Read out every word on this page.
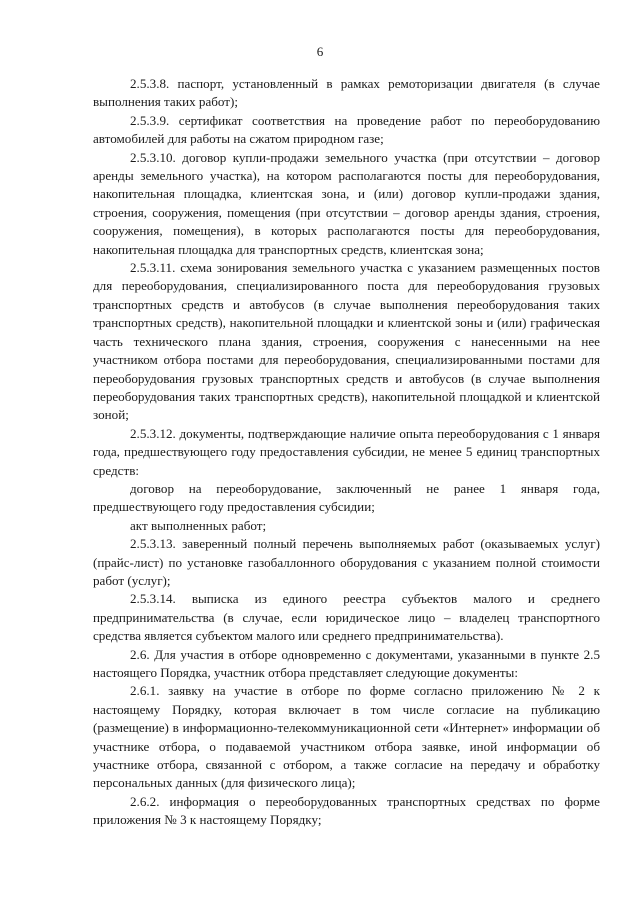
6

2.5.3.8. паспорт, установленный в рамках ремоторизации двигателя (в случае выполнения таких работ);

2.5.3.9. сертификат соответствия на проведение работ по переоборудованию автомобилей для работы на сжатом природном газе;

2.5.3.10. договор купли-продажи земельного участка (при отсутствии – договор аренды земельного участка), на котором располагаются посты для переоборудования, накопительная площадка, клиентская зона, и (или) договор купли-продажи здания, строения, сооружения, помещения (при отсутствии – договор аренды здания, строения, сооружения, помещения), в которых располагаются посты для переоборудования, накопительная площадка для транспортных средств, клиентская зона;

2.5.3.11. схема зонирования земельного участка с указанием размещенных постов для переоборудования, специализированного поста для переоборудования грузовых транспортных средств и автобусов (в случае выполнения переоборудования таких транспортных средств), накопительной площадки и клиентской зоны и (или) графическая часть технического плана здания, строения, сооружения с нанесенными на нее участником отбора постами для переоборудования, специализированными постами для переоборудования грузовых транспортных средств и автобусов (в случае выполнения переоборудования таких транспортных средств), накопительной площадкой и клиентской зоной;

2.5.3.12. документы, подтверждающие наличие опыта переоборудования с 1 января года, предшествующего году предоставления субсидии, не менее 5 единиц транспортных средств:

договор на переоборудование, заключенный не ранее 1 января года, предшествующего году предоставления субсидии;

акт выполненных работ;

2.5.3.13. заверенный полный перечень выполняемых работ (оказываемых услуг) (прайс-лист) по установке газобаллонного оборудования с указанием полной стоимости работ (услуг);

2.5.3.14. выписка из единого реестра субъектов малого и среднего предпринимательства (в случае, если юридическое лицо – владелец транспортного средства является субъектом малого или среднего предпринимательства).

2.6. Для участия в отборе одновременно с документами, указанными в пункте 2.5 настоящего Порядка, участник отбора представляет следующие документы:

2.6.1. заявку на участие в отборе по форме согласно приложению № 2 к настоящему Порядку, которая включает в том числе согласие на публикацию (размещение) в информационно-телекоммуникационной сети «Интернет» информации об участнике отбора, о подаваемой участником отбора заявке, иной информации об участнике отбора, связанной с отбором, а также согласие на передачу и обработку персональных данных (для физического лица);

2.6.2. информация о переоборудованных транспортных средствах по форме приложения № 3 к настоящему Порядку;
